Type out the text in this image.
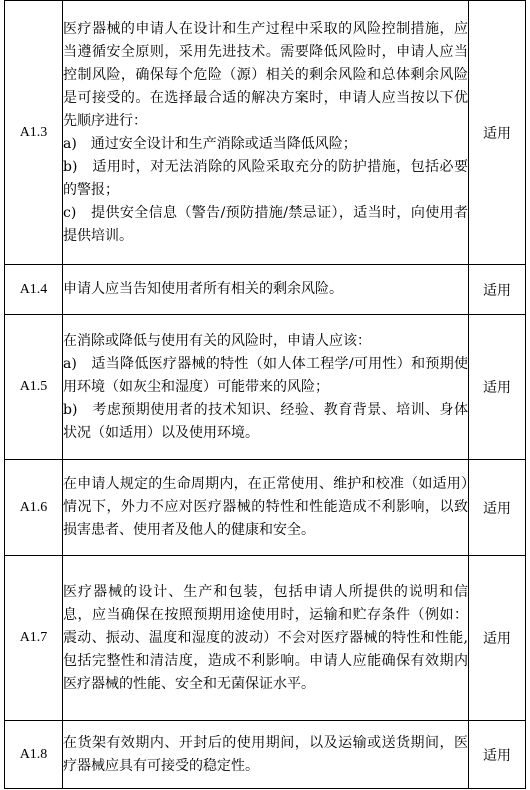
A1.3	医疗器械的申请人在设计和生产过程中采取的风险控制措施，应当遵循安全原则，采用先进技术。需要降低风险时，申请人应当控制风险，确保每个危险（源）相关的剩余风险和总体剩余风险是可接受的。在选择最合适的解决方案时，申请人应当按以下优先顺序进行：

a)　通过安全设计和生产消除或适当降低风险；

b)　适用时，对无法消除的风险采取充分的防护措施，包括必要的警报；

c)　提供安全信息（警告/预防措施/禁忌证），适当时，向使用者提供培训。	适用
A1.4	申请人应当告知使用者所有相关的剩余风险。	适用
A1.5	在消除或降低与使用有关的风险时，申请人应该：

a)　适当降低医疗器械的特性（如人体工程学/可用性）和预期使用环境（如灰尘和湿度）可能带来的风险；

b)　考虑预期使用者的技术知识、经验、教育背景、培训、身体状况（如适用）以及使用环境。	适用
A1.6	在申请人规定的生命周期内，在正常使用、维护和校准（如适用）情况下，外力不应对医疗器械的特性和性能造成不利影响，以致损害患者、使用者及他人的健康和安全。	适用
A1.7	医疗器械的设计、生产和包装，包括申请人所提供的说明和信息，应当确保在按照预期用途使用时，运输和贮存条件（例如：震动、振动、温度和湿度的波动）不会对医疗器械的特性和性能,包括完整性和清洁度，造成不利影响。申请人应能确保有效期内医疗器械的性能、安全和无菌保证水平。	适用
A1.8	在货架有效期内、开封后的使用期间，以及运输或送货期间，医疗器械应具有可接受的稳定性。	适用
